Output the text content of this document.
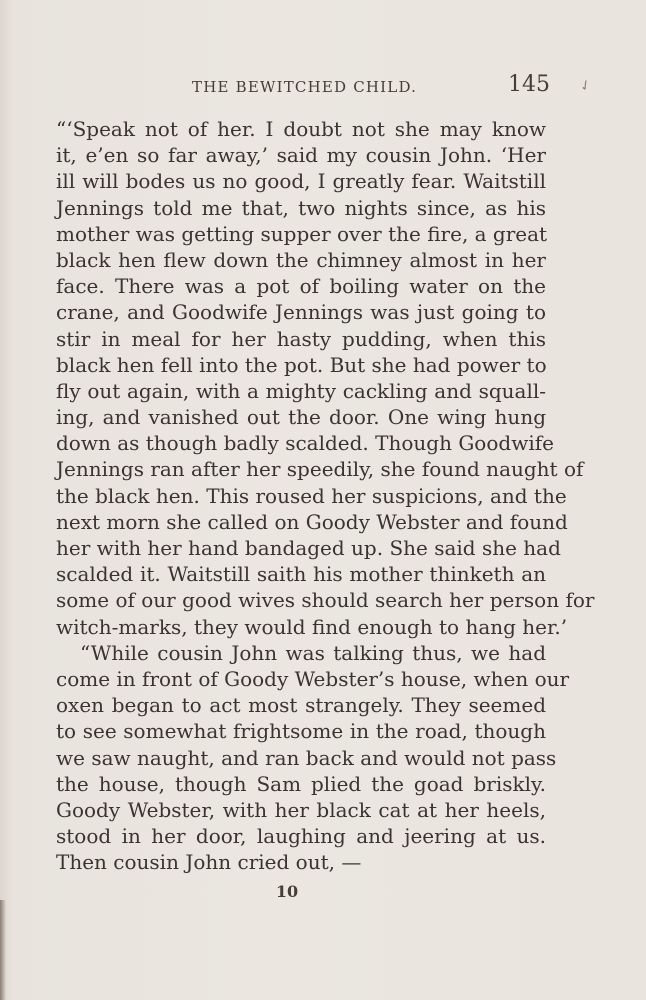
THE BEWITCHED CHILD.	145 ✓
“‘Speak not of her. I doubt not she may know
it, e’en so far away,’ said my cousin John. ‘Her
ill will bodes us no good, I greatly fear. Waitstill
Jennings told me that, two nights since, as his
mother was getting supper over the fire, a great
black hen flew down the chimney almost in her
face. There was a pot of boiling water on the
crane, and Goodwife Jennings was just going to
stir in meal for her hasty pudding, when this
black hen fell into the pot. But she had power to
fly out again, with a mighty cackling and squall-
ing, and vanished out the door. One wing hung
down as though badly scalded. Though Goodwife
Jennings ran after her speedily, she found naught of
the black hen. This roused her suspicions, and the
next morn she called on Goody Webster and found
her with her hand bandaged up. She said she had
scalded it. Waitstill saith his mother thinketh an
some of our good wives should search her person for
witch-marks, they would find enough to hang her.’
“While cousin John was talking thus, we had
come in front of Goody Webster’s house, when our
oxen began to act most strangely. They seemed
to see somewhat frightsome in the road, though
we saw naught, and ran back and would not pass
the house, though Sam plied the goad briskly.
Goody Webster, with her black cat at her heels,
stood in her door, laughing and jeering at us.
Then cousin John cried out, —
10
